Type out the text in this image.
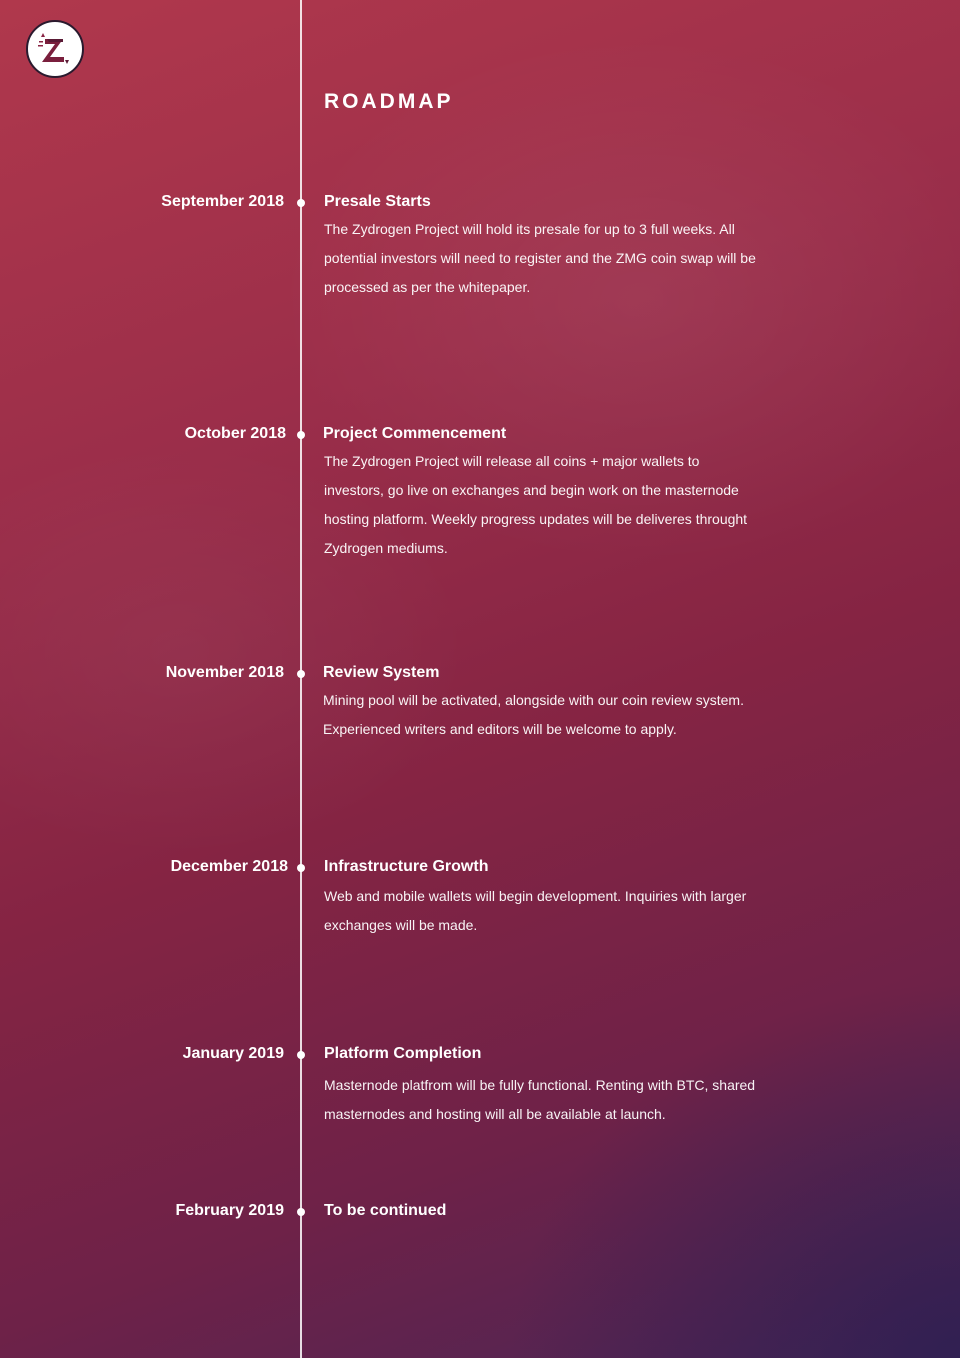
ROADMAP
September 2018	Presale Starts

The Zydrogen Project will hold its presale for up to 3 full weeks. All potential investors will need to register and the ZMG coin swap will be processed as per the whitepaper.

October 2018 Project Commencement

The Zydrogen Project will release all coins + major wallets to investors, go live on exchanges and begin work on the masternode hosting platform. Weekly progress updates will be deliveres throught Zydrogen mediums.

November 2018 Review System

Mining pool will be activated, alongside with our coin review system. Experienced writers and editors will be welcome to apply.

December 2018 Infrastructure Growth

Web and mobile wallets will begin development. Inquiries with larger exchanges will be made.

January 2019	Platform Completion

Masternode platfrom will be fully functional. Renting with BTC, shared masternodes and hosting will all be available at launch.

February 2019	To be continued
